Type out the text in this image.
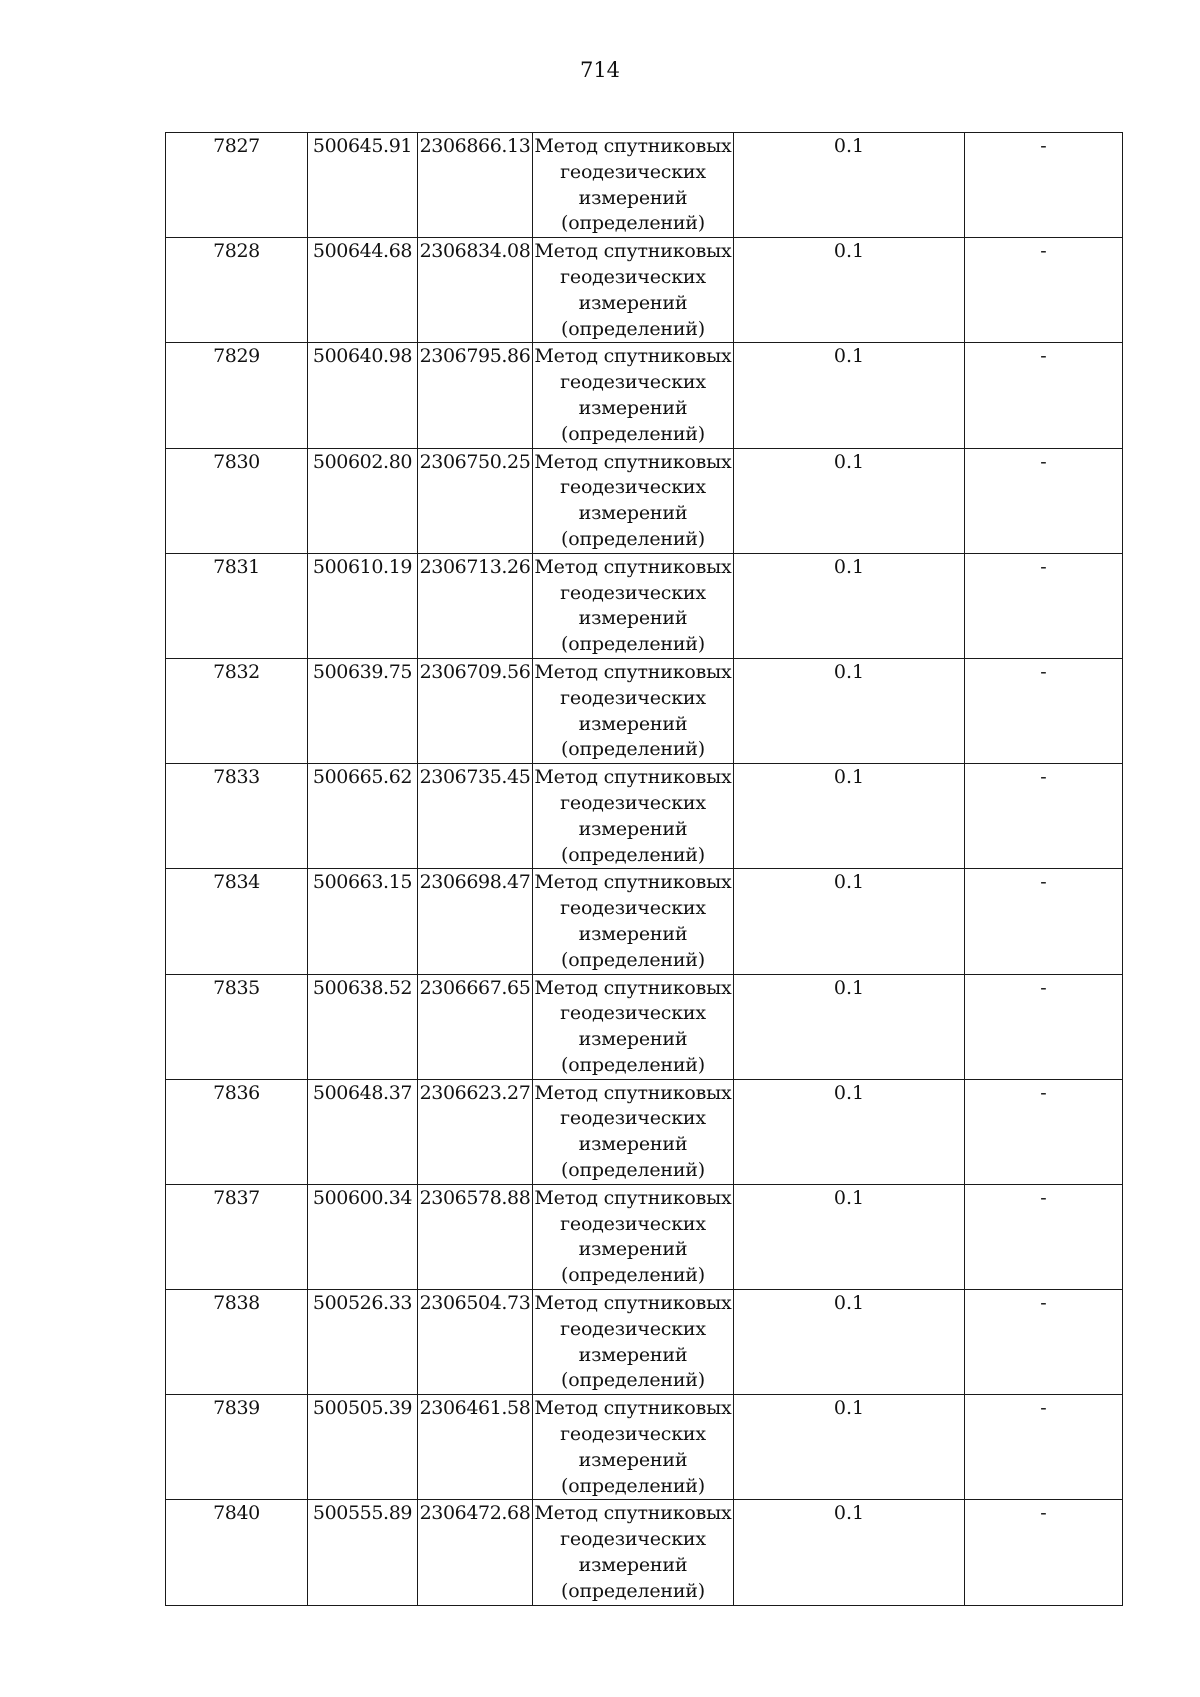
714
7827	500645.91	2306866.13	Метод спутниковых геодезических измерений (определений)	0.1	-
7828	500644.68	2306834.08	Метод спутниковых геодезических измерений (определений)	0.1	-
7829	500640.98	2306795.86	Метод спутниковых геодезических измерений (определений)	0.1	-
7830	500602.80	2306750.25	Метод спутниковых геодезических измерений (определений)	0.1	-
7831	500610.19	2306713.26	Метод спутниковых геодезических измерений (определений)	0.1	-
7832	500639.75	2306709.56	Метод спутниковых геодезических измерений (определений)	0.1	-
7833	500665.62	2306735.45	Метод спутниковых геодезических измерений (определений)	0.1	-
7834	500663.15	2306698.47	Метод спутниковых геодезических измерений (определений)	0.1	-
7835	500638.52	2306667.65	Метод спутниковых геодезических измерений (определений)	0.1	-
7836	500648.37	2306623.27	Метод спутниковых геодезических измерений (определений)	0.1	-
7837	500600.34	2306578.88	Метод спутниковых геодезических измерений (определений)	0.1	-
7838	500526.33	2306504.73	Метод спутниковых геодезических измерений (определений)	0.1	-
7839	500505.39	2306461.58	Метод спутниковых геодезических измерений (определений)	0.1	-
7840	500555.89	2306472.68	Метод спутниковых геодезических измерений (определений)	0.1	-
